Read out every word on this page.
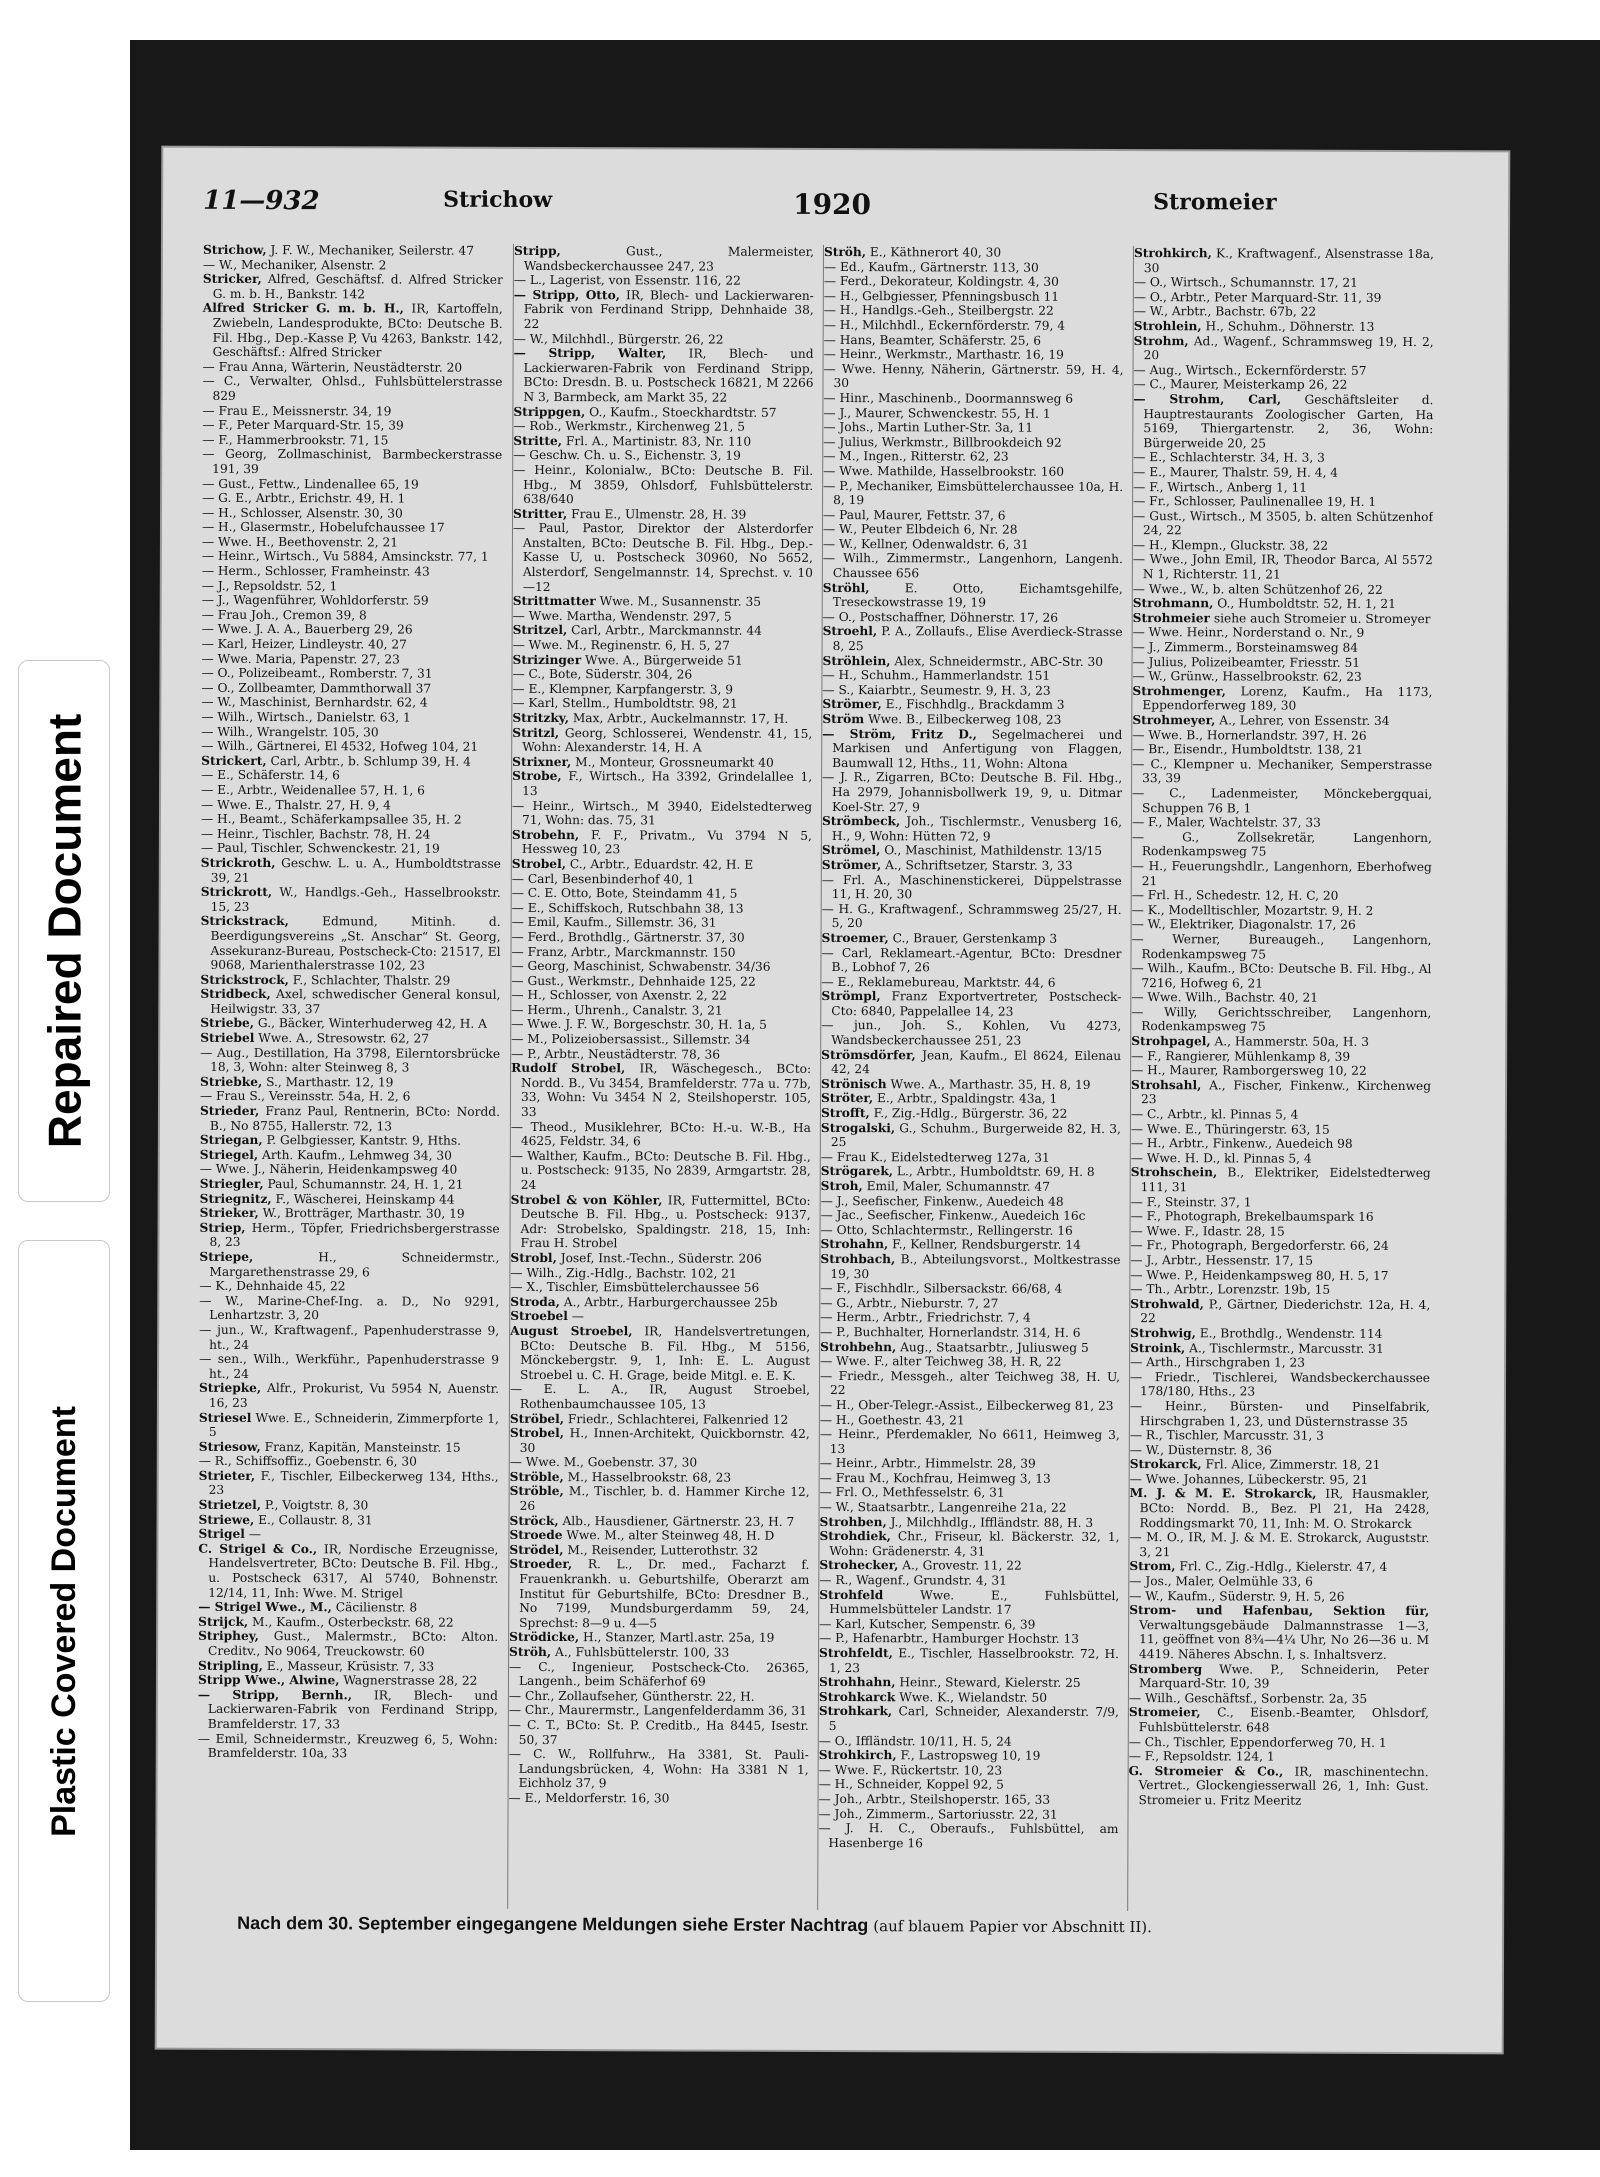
Repaired Document
Plastic Covered Document
11—932	Strichow	1920	Stromeier

Strichow, J. F. W., Mechaniker, Seilerstr. 47

— W., Mechaniker, Alsenstr. 2

Stricker, Alfred, Geschäftsf. d. Alfred Stricker G. m. b. H., Bankstr. 142

Alfred Stricker G. m. b. H., IR, Kartoffeln, Zwiebeln, Landesprodukte, BCto: Deutsche B. Fil. Hbg., Dep.-Kasse P, Vu 4263, Bankstr. 142, Geschäftsf.: Alfred Stricker

— Frau Anna, Wärterin, Neustädterstr. 20

— C., Verwalter, Ohlsd., Fuhlsbüttelerstrasse 829

— Frau E., Meissnerstr. 34, 19

— F., Peter Marquard-Str. 15, 39

— F., Hammerbrookstr. 71, 15

— Georg, Zollmaschinist, Barmbeckerstrasse 191, 39

— Gust., Fettw., Lindenallee 65, 19

— G. E., Arbtr., Erichstr. 49, H. 1

— H., Schlosser, Alsenstr. 30, 30

— H., Glasermstr., Hobelufchaussee 17

— Wwe. H., Beethovenstr. 2, 21

— Heinr., Wirtsch., Vu 5884, Amsinckstr. 77, 1

— Herm., Schlosser, Framheinstr. 43

— J., Repsoldstr. 52, 1

— J., Wagenführer, Wohldorferstr. 59

— Frau Joh., Cremon 39, 8

— Wwe. J. A. A., Bauerberg 29, 26

— Karl, Heizer, Lindleystr. 40, 27

— Wwe. Maria, Papenstr. 27, 23

— O., Polizeibeamt., Romberstr. 7, 31

— O., Zollbeamter, Dammthorwall 37

— W., Maschinist, Bernhardstr. 62, 4

— Wilh., Wirtsch., Danielstr. 63, 1

— Wilh., Wrangelstr. 105, 30

— Wilh., Gärtnerei, El 4532, Hofweg 104, 21

Strickert, Carl, Arbtr., b. Schlump 39, H. 4

— E., Schäferstr. 14, 6

— E., Arbtr., Weidenallee 57, H. 1, 6

— Wwe. E., Thalstr. 27, H. 9, 4

— H., Beamt., Schäferkampsallee 35, H. 2

— Heinr., Tischler, Bachstr. 78, H. 24

— Paul, Tischler, Schwenckestr. 21, 19

Strickroth, Geschw. L. u. A., Humboldtstrasse 39, 21

Strickrott, W., Handlgs.-Geh., Hasselbrookstr. 15, 23

Strickstrack, Edmund, Mitinh. d. Beerdigungsvereins „St. Anschar“ St. Georg, Assekuranz-Bureau, Postscheck-Cto: 21517, El 9068, Marienthalerstrasse 102, 23

Strickstrock, F., Schlachter, Thalstr. 29

Stridbeck, Axel, schwedischer General konsul, Heilwigstr. 33, 37

Striebe, G., Bäcker, Winterhuderweg 42, H. A

Striebel Wwe. A., Stresowstr. 62, 27

— Aug., Destillation, Ha 3798, Eilerntorsbrücke 18, 3, Wohn: alter Steinweg 8, 3

Striebke, S., Marthastr. 12, 19

— Frau S., Vereinsstr. 54a, H. 2, 6

Strieder, Franz Paul, Rentnerin, BCto: Nordd. B., No 8755, Hallerstr. 72, 13

Striegan, P. Gelbgiesser, Kantstr. 9, Hths.

Striegel, Arth. Kaufm., Lehmweg 34, 30

— Wwe. J., Näherin, Heidenkampsweg 40

Striegler, Paul, Schumannstr. 24, H. 1, 21

Striegnitz, F., Wäscherei, Heinskamp 44

Strieker, W., Brotträger, Marthastr. 30, 19

Striep, Herm., Töpfer, Friedrichsbergerstrasse 8, 23

Striepe, H., Schneidermstr., Margarethenstrasse 29, 6

— K., Dehnhaide 45, 22

— W., Marine-Chef-Ing. a. D., No 9291, Lenhartzstr. 3, 20

— jun., W., Kraftwagenf., Papenhuderstrasse 9, ht., 24

— sen., Wilh., Werkführ., Papenhuderstrasse 9 ht., 24

Striepke, Alfr., Prokurist, Vu 5954 N, Auenstr. 16, 23

Striesel Wwe. E., Schneiderin, Zimmerpforte 1, 5

Striesow, Franz, Kapitän, Mansteinstr. 15

— R., Schiffsoffiz., Goebenstr. 6, 30

Strieter, F., Tischler, Eilbeckerweg 134, Hths., 23

Strietzel, P., Voigtstr. 8, 30

Striewe, E., Collaustr. 8, 31

Strigel —

C. Strigel & Co., IR, Nordische Erzeugnisse, Handelsvertreter, BCto: Deutsche B. Fil. Hbg., u. Postscheck 6317, Al 5740, Bohnenstr. 12/14, 11, Inh: Wwe. M. Strigel

— Strigel Wwe., M., Cäcilienstr. 8

Strijck, M., Kaufm., Osterbeckstr. 68, 22

Striphey, Gust., Malermstr., BCto: Alton. Creditv., No 9064, Treuckowstr. 60

Stripling, E., Masseur, Krüsistr. 7, 33

Stripp Wwe., Alwine, Wagnerstrasse 28, 22

— Stripp, Bernh., IR, Blech- und Lackierwaren-Fabrik von Ferdinand Stripp, Bramfelderstr. 17, 33

— Emil, Schneidermstr., Kreuzweg 6, 5, Wohn: Bramfelderstr. 10a, 33

Stripp, Gust., Malermeister, Wandsbeckerchaussee 247, 23

— L., Lagerist, von Essenstr. 116, 22

— Stripp, Otto, IR, Blech- und Lackierwaren-Fabrik von Ferdinand Stripp, Dehnhaide 38, 22

— W., Milchhdl., Bürgerstr. 26, 22

— Stripp, Walter, IR, Blech- und Lackierwaren-Fabrik von Ferdinand Stripp, BCto: Dresdn. B. u. Postscheck 16821, M 2266 N 3, Barmbeck, am Markt 35, 22

Strippgen, O., Kaufm., Stoeckhardtstr. 57

— Rob., Werkmstr., Kirchenweg 21, 5

Stritte, Frl. A., Martinistr. 83, Nr. 110

— Geschw. Ch. u. S., Eichenstr. 3, 19

— Heinr., Kolonialw., BCto: Deutsche B. Fil. Hbg., M 3859, Ohlsdorf, Fuhlsbüttelerstr. 638/640

Stritter, Frau E., Ulmenstr. 28, H. 39

— Paul, Pastor, Direktor der Alsterdorfer Anstalten, BCto: Deutsche B. Fil. Hbg., Dep.-Kasse U, u. Postscheck 30960, No 5652, Alsterdorf, Sengelmannstr. 14, Sprechst. v. 10—12

Strittmatter Wwe. M., Susannenstr. 35

— Wwe. Martha, Wendenstr. 297, 5

Stritzel, Carl, Arbtr., Marckmannstr. 44

— Wwe. M., Reginenstr. 6, H. 5, 27

Strizinger Wwe. A., Bürgerweide 51

— C., Bote, Süderstr. 304, 26

— E., Klempner, Karpfangerstr. 3, 9

— Karl, Stellm., Humboldtstr. 98, 21

Stritzky, Max, Arbtr., Auckelmannstr. 17, H.

Stritzl, Georg, Schlosserei, Wendenstr. 41, 15, Wohn: Alexanderstr. 14, H. A

Strixner, M., Monteur, Grossneumarkt 40

Strobe, F., Wirtsch., Ha 3392, Grindelallee 1, 13

— Heinr., Wirtsch., M 3940, Eidelstedterweg 71, Wohn: das. 75, 31

Strobehn, F. F., Privatm., Vu 3794 N 5, Hessweg 10, 23

Strobel, C., Arbtr., Eduardstr. 42, H. E

— Carl, Besenbinderhof 40, 1

— C. E. Otto, Bote, Steindamm 41, 5

— E., Schiffskoch, Rutschbahn 38, 13

— Emil, Kaufm., Sillemstr. 36, 31

— Ferd., Brothdlg., Gärtnerstr. 37, 30

— Franz, Arbtr., Marckmannstr. 150

— Georg, Maschinist, Schwabenstr. 34/36

— Gust., Werkmstr., Dehnhaide 125, 22

— H., Schlosser, von Axenstr. 2, 22

— Herm., Uhrenh., Canalstr. 3, 21

— Wwe. J. F. W., Borgeschstr. 30, H. 1a, 5

— M., Polizeiobersassist., Sillemstr. 34

— P., Arbtr., Neustädterstr. 78, 36

Rudolf Strobel, IR, Wäschegesch., BCto: Nordd. B., Vu 3454, Bramfelderstr. 77a u. 77b, 33, Wohn: Vu 3454 N 2, Steilshoperstr. 105, 33

— Theod., Musiklehrer, BCto: H.-u. W.-B., Ha 4625, Feldstr. 34, 6

— Walther, Kaufm., BCto: Deutsche B. Fil. Hbg., u. Postscheck: 9135, No 2839, Armgartstr. 28, 24

Strobel & von Köhler, IR, Futtermittel, BCto: Deutsche B. Fil. Hbg., u. Postscheck: 9137, Adr: Strobelsko, Spaldingstr. 218, 15, Inh: Frau H. Strobel

Strobl, Josef, Inst.-Techn., Süderstr. 206

— Wilh., Zig.-Hdlg., Bachstr. 102, 21

— X., Tischler, Eimsbüttelerchaussee 56

Stroda, A., Arbtr., Harburgerchaussee 25b

Stroebel —

August Stroebel, IR, Handelsvertretungen, BCto: Deutsche B. Fil. Hbg., M 5156, Mönckebergstr. 9, 1, Inh: E. L. August Stroebel u. C. H. Grage, beide Mitgl. e. E. K.

— E. L. A., IR, August Stroebel, Rothenbaumchaussee 105, 13

Ströbel, Friedr., Schlachterei, Falkenried 12

Strobel, H., Innen-Architekt, Quickbornstr. 42, 30

— Wwe. M., Goebenstr. 37, 30

Ströble, M., Hasselbrookstr. 68, 23

Ströble, M., Tischler, b. d. Hammer Kirche 12, 26

Ströck, Alb., Hausdiener, Gärtnerstr. 23, H. 7

Stroede Wwe. M., alter Steinweg 48, H. D

Strödel, M., Reisender, Lutterothstr. 32

Stroeder, R. L., Dr. med., Facharzt f. Frauenkrankh. u. Geburtshilfe, Oberarzt am Institut für Geburtshilfe, BCto: Dresdner B., No 7199, Mundsburgerdamm 59, 24, Sprechst: 8—9 u. 4—5

Strödicke, H., Stanzer, Martl.astr. 25a, 19

Ströh, A., Fuhlsbüttelerstr. 100, 33

— C., Ingenieur, Postscheck-Cto. 26365, Langenh., beim Schäferhof 69

— Chr., Zollaufseher, Güntherstr. 22, H.

— Chr., Maurermstr., Langenfelderdamm 36, 31

— C. T., BCto: St. P. Creditb., Ha 8445, Isestr. 50, 37

— C. W., Rollfuhrw., Ha 3381, St. Pauli-Landungsbrücken, 4, Wohn: Ha 3381 N 1, Eichholz 37, 9

— E., Meldorferstr. 16, 30

Ströh, E., Käthnerort 40, 30

— Ed., Kaufm., Gärtnerstr. 113, 30

— Ferd., Dekorateur, Koldingstr. 4, 30

— H., Gelbgiesser, Pfenningsbusch 11

— H., Handlgs.-Geh., Steilbergstr. 22

— H., Milchhdl., Eckernförderstr. 79, 4

— Hans, Beamter, Schäferstr. 25, 6

— Heinr., Werkmstr., Marthastr. 16, 19

— Wwe. Henny, Näherin, Gärtnerstr. 59, H. 4, 30

— Hinr., Maschinenb., Doormannsweg 6

— J., Maurer, Schwenckestr. 55, H. 1

— Johs., Martin Luther-Str. 3a, 11

— Julius, Werkmstr., Billbrookdeich 92

— M., Ingen., Ritterstr. 62, 23

— Wwe. Mathilde, Hasselbrookstr. 160

— P., Mechaniker, Eimsbüttelerchaussee 10a, H. 8, 19

— Paul, Maurer, Fettstr. 37, 6

— W., Peuter Elbdeich 6, Nr. 28

— W., Kellner, Odenwaldstr. 6, 31

— Wilh., Zimmermstr., Langenhorn, Langenh. Chaussee 656

Ströhl, E. Otto, Eichamtsgehilfe, Treseckowstrasse 19, 19

— O., Postschaffner, Döhnerstr. 17, 26

Stroehl, P. A., Zollaufs., Elise Averdieck-Strasse 8, 25

Ströhlein, Alex, Schneidermstr., ABC-Str. 30

— H., Schuhm., Hammerlandstr. 151

— S., Kaiarbtr., Seumestr. 9, H. 3, 23

Strömer, E., Fischhdlg., Brackdamm 3

Ström Wwe. B., Eilbeckerweg 108, 23

— Ström, Fritz D., Segelmacherei und Markisen und Anfertigung von Flaggen, Baumwall 12, Hths., 11, Wohn: Altona

— J. R., Zigarren, BCto: Deutsche B. Fil. Hbg., Ha 2979, Johannisbollwerk 19, 9, u. Ditmar Koel-Str. 27, 9

Strömbeck, Joh., Tischlermstr., Venusberg 16, H., 9, Wohn: Hütten 72, 9

Strömel, O., Maschinist, Mathildenstr. 13/15

Strömer, A., Schriftsetzer, Starstr. 3, 33

— Frl. A., Maschinenstickerei, Düppelstrasse 11, H. 20, 30

— H. G., Kraftwagenf., Schrammsweg 25/27, H. 5, 20

Stroemer, C., Brauer, Gerstenkamp 3

— Carl, Reklameart.-Agentur, BCto: Dresdner B., Lobhof 7, 26

— E., Reklamebureau, Marktstr. 44, 6

Strömpl, Franz Exportvertreter, Postscheck-Cto: 6840, Pappelallee 14, 23

— jun., Joh. S., Kohlen, Vu 4273, Wandsbeckerchaussee 251, 23

Strömsdörfer, Jean, Kaufm., El 8624, Eilenau 42, 24

Strönisch Wwe. A., Marthastr. 35, H. 8, 19

Ströter, E., Arbtr., Spaldingstr. 43a, 1

Strofft, F., Zig.-Hdlg., Bürgerstr. 36, 22

Strogalski, G., Schuhm., Burgerweide 82, H. 3, 25

— Frau K., Eidelstedterweg 127a, 31

Strögarek, L., Arbtr., Humboldtstr. 69, H. 8

Stroh, Emil, Maler, Schumannstr. 47

— J., Seefischer, Finkenw., Auedeich 48

— Jac., Seefischer, Finkenw., Auedeich 16c

— Otto, Schlachtermstr., Rellingerstr. 16

Strohahn, F., Kellner, Rendsburgerstr. 14

Strohbach, B., Abteilungsvorst., Moltkestrasse 19, 30

— F., Fischhdlr., Silbersackstr. 66/68, 4

— G., Arbtr., Nieburstr. 7, 27

— Herm., Arbtr., Friedrichstr. 7, 4

— P., Buchhalter, Hornerlandstr. 314, H. 6

Strohbehn, Aug., Staatsarbtr., Juliusweg 5

— Wwe. F., alter Teichweg 38, H. R, 22

— Friedr., Messgeh., alter Teichweg 38, H. U, 22

— H., Ober-Telegr.-Assist., Eilbeckerweg 81, 23

— H., Goethestr. 43, 21

— Heinr., Pferdemakler, No 6611, Heimweg 3, 13

— Heinr., Arbtr., Himmelstr. 28, 39

— Frau M., Kochfrau, Heimweg 3, 13

— Frl. O., Methfesselstr. 6, 31

— W., Staatsarbtr., Langenreihe 21a, 22

Strohben, J., Milchhdlg., Iffländstr. 88, H. 3

Strohdiek, Chr., Friseur, kl. Bäckerstr. 32, 1, Wohn: Grädenerstr. 4, 31

Strohecker, A., Grovestr. 11, 22

— R., Wagenf., Grundstr. 4, 31

Strohfeld Wwe. E., Fuhlsbüttel, Hummelsbütteler Landstr. 17

— Karl, Kutscher, Sempenstr. 6, 39

— P., Hafenarbtr., Hamburger Hochstr. 13

Strohfeldt, E., Tischler, Hasselbrookstr. 72, H. 1, 23

Strohhahn, Heinr., Steward, Kielerstr. 25

Strohkarck Wwe. K., Wielandstr. 50

Strohkark, Carl, Schneider, Alexanderstr. 7/9, 5

— O., Iffländstr. 10/11, H. 5, 24

Strohkirch, F., Lastropsweg 10, 19

— Wwe. F., Rückertstr. 10, 23

— H., Schneider, Koppel 92, 5

— Joh., Arbtr., Steilshoperstr. 165, 33

— Joh., Zimmerm., Sartoriusstr. 22, 31

— J. H. C., Oberaufs., Fuhlsbüttel, am Hasenberge 16

Strohkirch, K., Kraftwagenf., Alsenstrasse 18a, 30

— O., Wirtsch., Schumannstr. 17, 21

— O., Arbtr., Peter Marquard-Str. 11, 39

— W., Arbtr., Bachstr. 67b, 22

Strohlein, H., Schuhm., Döhnerstr. 13

Strohm, Ad., Wagenf., Schrammsweg 19, H. 2, 20

— Aug., Wirtsch., Eckernförderstr. 57

— C., Maurer, Meisterkamp 26, 22

— Strohm, Carl, Geschäftsleiter d. Hauptrestaurants Zoologischer Garten, Ha 5169, Thiergartenstr. 2, 36, Wohn: Bürgerweide 20, 25

— E., Schlachterstr. 34, H. 3, 3

— E., Maurer, Thalstr. 59, H. 4, 4

— F., Wirtsch., Anberg 1, 11

— Fr., Schlosser, Paulinenallee 19, H. 1

— Gust., Wirtsch., M 3505, b. alten Schützenhof 24, 22

— H., Klempn., Gluckstr. 38, 22

— Wwe., John Emil, IR, Theodor Barca, Al 5572 N 1, Richterstr. 11, 21

— Wwe., W., b. alten Schützenhof 26, 22

Strohmann, O., Humboldtstr. 52, H. 1, 21

Strohmeier siehe auch Stromeier u. Stromeyer

— Wwe. Heinr., Norderstand o. Nr., 9

— J., Zimmerm., Borsteinamsweg 84

— Julius, Polizeibeamter, Friesstr. 51

— W., Grünw., Hasselbrookstr. 62, 23

Strohmenger, Lorenz, Kaufm., Ha 1173, Eppendorferweg 189, 30

Strohmeyer, A., Lehrer, von Essenstr. 34

— Wwe. B., Hornerlandstr. 397, H. 26

— Br., Eisendr., Humboldtstr. 138, 21

— C., Klempner u. Mechaniker, Semperstrasse 33, 39

— C., Ladenmeister, Mönckebergquai, Schuppen 76 B, 1

— F., Maler, Wachtelstr. 37, 33

— G., Zollsekretär, Langenhorn, Rodenkampsweg 75

— H., Feuerungshdlr., Langenhorn, Eberhofweg 21

— Frl. H., Schedestr. 12, H. C, 20

— K., Modelltischler, Mozartstr. 9, H. 2

— W., Elektriker, Diagonalstr. 17, 26

— Werner, Bureaugeh., Langenhorn, Rodenkampsweg 75

— Wilh., Kaufm., BCto: Deutsche B. Fil. Hbg., Al 7216, Hofweg 6, 21

— Wwe. Wilh., Bachstr. 40, 21

— Willy, Gerichtsschreiber, Langenhorn, Rodenkampsweg 75

Strohpagel, A., Hammerstr. 50a, H. 3

— F., Rangierer, Mühlenkamp 8, 39

— H., Maurer, Ramborgersweg 10, 22

Strohsahl, A., Fischer, Finkenw., Kirchenweg 23

— C., Arbtr., kl. Pinnas 5, 4

— Wwe. E., Thüringerstr. 63, 15

— H., Arbtr., Finkenw., Auedeich 98

— Wwe. H. D., kl. Pinnas 5, 4

Strohschein, B., Elektriker, Eidelstedterweg 111, 31

— F., Steinstr. 37, 1

— F., Photograph, Brekelbaumspark 16

— Wwe. F., Idastr. 28, 15

— Fr., Photograph, Bergedorferstr. 66, 24

— J., Arbtr., Hessenstr. 17, 15

— Wwe. P., Heidenkampsweg 80, H. 5, 17

— Th., Arbtr., Lorenzstr. 19b, 15

Strohwald, P., Gärtner, Diederichstr. 12a, H. 4, 22

Strohwig, E., Brothdlg., Wendenstr. 114

Stroink, A., Tischlermstr., Marcusstr. 31

— Arth., Hirschgraben 1, 23

— Friedr., Tischlerei, Wandsbeckerchaussee 178/180, Hths., 23

— Heinr., Bürsten- und Pinselfabrik, Hirschgraben 1, 23, und Düsternstrasse 35

— R., Tischler, Marcusstr. 31, 3

— W., Düsternstr. 8, 36

Strokarck, Frl. Alice, Zimmerstr. 18, 21

— Wwe. Johannes, Lübeckerstr. 95, 21

M. J. & M. E. Strokarck, IR, Hausmakler, BCto: Nordd. B., Bez. Pl 21, Ha 2428, Roddingsmarkt 70, 11, Inh: M. O. Strokarck

— M. O., IR, M. J. & M. E. Strokarck, Auguststr. 3, 21

Strom, Frl. C., Zig.-Hdlg., Kielerstr. 47, 4

— Jos., Maler, Oelmühle 33, 6

— W., Kaufm., Süderstr. 9, H. 5, 26

Strom- und Hafenbau, Sektion für, Verwaltungsgebäude Dalmannstrasse 1—3, 11, geöffnet von 8¾—4¼ Uhr, No 26—36 u. M 4419. Näheres Abschn. I, s. Inhaltsverz.

Stromberg Wwe. P., Schneiderin, Peter Marquard-Str. 10, 39

— Wilh., Geschäftsf., Sorbenstr. 2a, 35

Stromeier, C., Eisenb.-Beamter, Ohlsdorf, Fuhlsbüttelerstr. 648

— Ch., Tischler, Eppendorferweg 70, H. 1

— F., Repsoldstr. 124, 1

G. Stromeier & Co., IR, maschinentechn. Vertret., Glockengiesserwall 26, 1, Inh: Gust. Stromeier u. Fritz Meeritz

Nach dem 30. September eingegangene Meldungen siehe Erster Nachtrag (auf blauem Papier vor Abschnitt II).
